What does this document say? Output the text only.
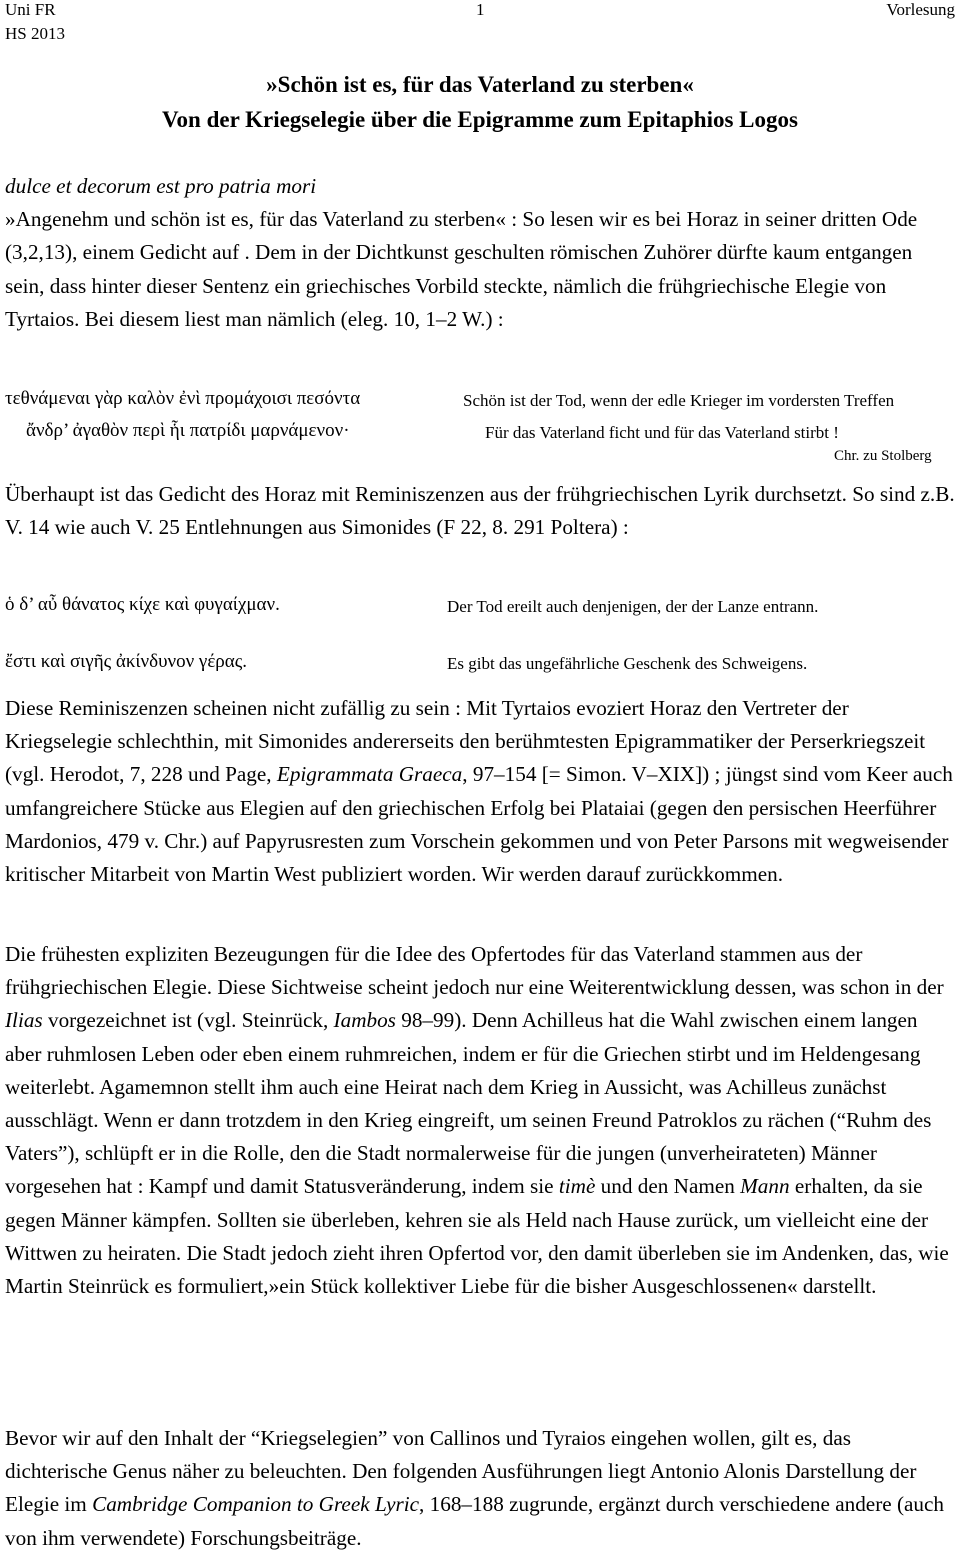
Uni FR
HS 2013
1	Vorlesung
»Schön ist es, für das Vaterland zu sterben«
Von der Kriegselegie über die Epigramme zum Epitaphios Logos

dulce et decorum est pro patria mori

»Angenehm und schön ist es, für das Vaterland zu sterben« : So lesen wir es bei Horaz in seiner dritten Ode (3,2,13), einem Gedicht auf . Dem in der Dichtkunst geschulten römischen Zuhörer dürfte kaum entgangen sein, dass hinter dieser Sentenz ein griechisches Vorbild steckte, nämlich die frühgriechische Elegie von Tyrtaios. Bei diesem liest man nämlich (eleg. 10, 1–2 W.) :

τεθνάμεναι γὰρ καλὸν ἐνὶ προμάχοισι πεσόντα	Schön ist der Tod, wenn der edle Krieger im vordersten Treffen
ἄνδρ’ ἀγαθὸν περὶ ἧι πατρίδι μαρνάμενον·	Für das Vaterland ficht und für das Vaterland stirbt !
Chr. zu Stolberg

Überhaupt ist das Gedicht des Horaz mit Reminiszenzen aus der frühgriechischen Lyrik durchsetzt. So sind z.B. V. 14 wie auch V. 25 Entlehnungen aus Simonides (F 22, 8. 291 Poltera) :

ὁ δ’ αὖ θάνατος κίχε καὶ φυγαίχμαν.	Der Tod ereilt auch denjenigen, der der Lanze entrann.
ἔστι καὶ σιγῆς ἀκίνδυνον γέρας.	Es gibt das ungefährliche Geschenk des Schweigens.

Diese Reminiszenzen scheinen nicht zufällig zu sein : Mit Tyrtaios evoziert Horaz den Vertreter der Kriegselegie schlechthin, mit Simonides andererseits den berühmtesten Epigrammatiker der Perserkriegszeit (vgl. Herodot, 7, 228 und Page, Epigrammata Graeca, 97–154 [= Simon. V–XIX]) ; jüngst sind vom Keer auch umfangreichere Stücke aus Elegien auf den griechischen Erfolg bei Plataiai (gegen den persischen Heerführer Mardonios, 479 v. Chr.) auf Papyrusresten zum Vorschein gekommen und von Peter Parsons mit wegweisender kritischer Mitarbeit von Martin West publiziert worden. Wir werden darauf zurückkommen.

Die frühesten expliziten Bezeugungen für die Idee des Opfertodes für das Vaterland stammen aus der frühgriechischen Elegie. Diese Sichtweise scheint jedoch nur eine Weiterentwicklung dessen, was schon in der Ilias vorgezeichnet ist (vgl. Steinrück, Iambos 98–99). Denn Achilleus hat die Wahl zwischen einem langen aber ruhmlosen Leben oder eben einem ruhmreichen, indem er für die Griechen stirbt und im Heldengesang weiterlebt. Agamemnon stellt ihm auch eine Heirat nach dem Krieg in Aussicht, was Achilleus zunächst ausschlägt. Wenn er dann trotzdem in den Krieg eingreift, um seinen Freund Patroklos zu rächen (“Ruhm des Vaters”), schlüpft er in die Rolle, den die Stadt normalerweise für die jungen (unverheirateten) Männer vorgesehen hat : Kampf und damit Statusveränderung, indem sie timè und den Namen Mann erhalten, da sie gegen Männer kämpfen. Sollten sie überleben, kehren sie als Held nach Hause zurück, um vielleicht eine der Wittwen zu heiraten. Die Stadt jedoch zieht ihren Opfertod vor, den damit überleben sie im Andenken, das, wie Martin Steinrück es formuliert,»ein Stück kollektiver Liebe für die bisher Ausgeschlossenen« darstellt.

Bevor wir auf den Inhalt der “Kriegselegien” von Callinos und Tyraios eingehen wollen, gilt es, das dichterische Genus näher zu beleuchten. Den folgenden Ausführungen liegt Antonio Alonis Darstellung der Elegie im Cambridge Companion to Greek Lyric, 168–188 zugrunde, ergänzt durch verschiedene andere (auch von ihm verwendete) Forschungsbeiträge.
